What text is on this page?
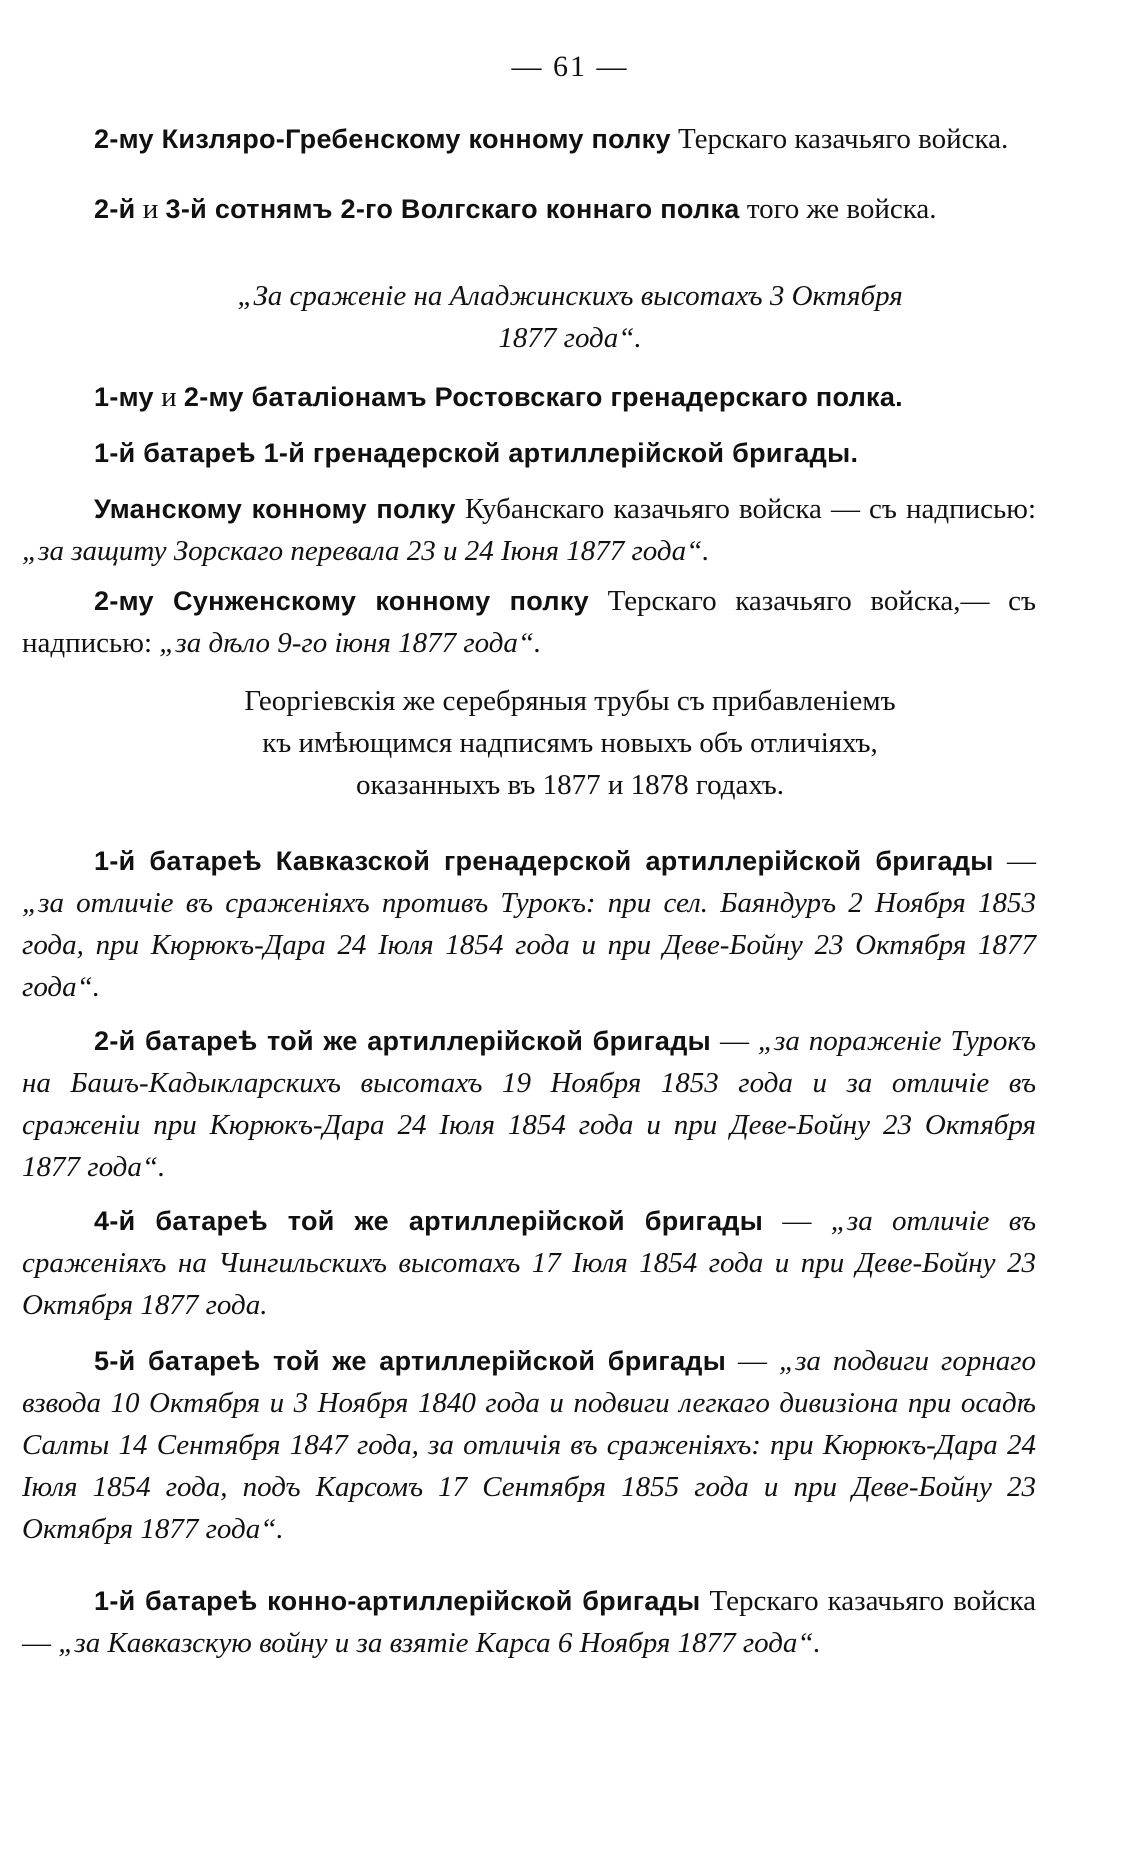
— 61 —

2-му Кизляро-Гребенскому конному полку Терскаго казачьяго войска.

2-й и 3-й сотнямъ 2-го Волгскаго коннаго полка того же войска.

„За сраженіе на Аладжинскихъ высотахъ 3 Октября
1877 года“.

1-му и 2-му баталіонамъ Ростовскаго гренадерскаго полка.

1-й батареѣ 1-й гренадерской артиллерійской бригады.

Уманскому конному полку Кубанскаго казачьяго войска — съ надписью: „за защиту Зорскаго перевала 23 и 24 Іюня 1877 года“.

2-му Сунженскому конному полку Терскаго казачьяго войска,— съ надписью: „за дѣло 9-го іюня 1877 года“.

Георгіевскія же серебряныя трубы съ прибавленіемъ
къ имѣющимся надписямъ новыхъ объ отличіяхъ,
оказанныхъ въ 1877 и 1878 годахъ.

1-й батареѣ Кавказской гренадерской артиллерійской бригады — „за отличіе въ сраженіяхъ противъ Турокъ: при сел. Баяндуръ 2 Ноября 1853 года, при Кюрюкъ-Дара 24 Іюля 1854 года и при Деве-Бойну 23 Октября 1877 года“.

2-й батареѣ той же артиллерійской бригады — „за пораженіе Турокъ на Башъ-Кадыкларскихъ высотахъ 19 Ноября 1853 года и за отличіе въ сраженіи при Кюрюкъ-Дара 24 Іюля 1854 года и при Деве-Бойну 23 Октября 1877 года“.

4-й батареѣ той же артиллерійской бригады — „за отличіе въ сраженіяхъ на Чингильскихъ высотахъ 17 Іюля 1854 года и при Деве-Бойну 23 Октября 1877 года.

5-й батареѣ той же артиллерійской бригады — „за подвиги горнаго взвода 10 Октября и 3 Ноября 1840 года и подвиги легкаго дивизіона при осадѣ Салты 14 Сентября 1847 года, за отличія въ сраженіяхъ: при Кюрюкъ-Дара 24 Іюля 1854 года, подъ Карсомъ 17 Сентября 1855 года и при Деве-Бойну 23 Октября 1877 года“.

1-й батареѣ конно-артиллерійской бригады Терскаго казачьяго войска — „за Кавказскую войну и за взятіе Карса 6 Ноября 1877 года“.
